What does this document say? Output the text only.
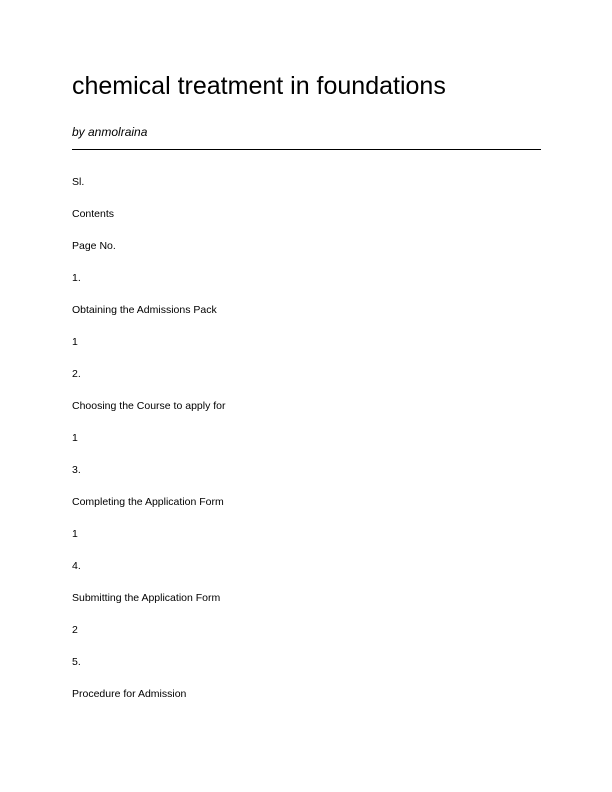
chemical treatment in foundations
by anmolraina
Sl.
Contents
Page No.
1.
Obtaining the Admissions Pack
1
2.
Choosing the Course to apply for
1
3.
Completing the Application Form
1
4.
Submitting the Application Form
2
5.
Procedure for Admission
